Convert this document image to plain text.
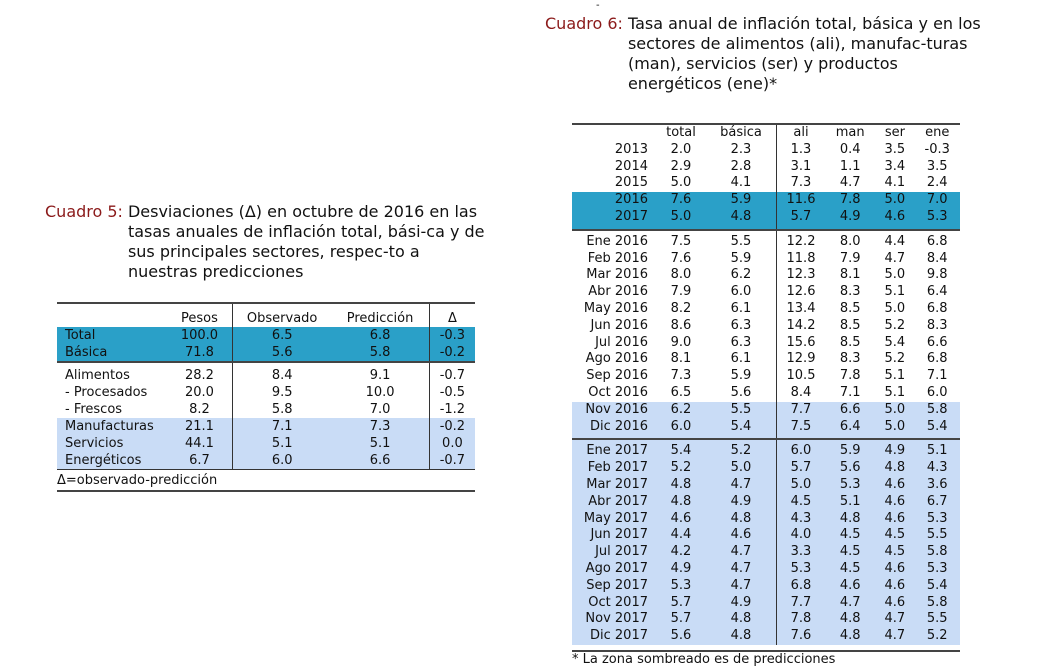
-
Cuadro 5: Desviaciones (Δ) en octubre de 2016 en las tasas anuales de inflación total, bási-ca y de sus principales sectores, respec-to a nuestras predicciones
	Pesos	Observado	Predicción	Δ
Total	100.0	6.5	6.8	-0.3
Básica	71.8	5.6	5.8	-0.2
Alimentos	28.2	8.4	9.1	-0.7
- Procesados	20.0	9.5	10.0	-0.5
- Frescos	8.2	5.8	7.0	-1.2
Manufacturas	21.1	7.1	7.3	-0.2
Servicios	44.1	5.1	5.1	0.0
Energéticos	6.7	6.0	6.6	-0.7
Δ=observado-predicción
Cuadro 6: Tasa anual de inflación total, básica y en los sectores de alimentos (ali), manufac-turas (man), servicios (ser) y productos energéticos (ene)*
	total	básica	ali	man	ser	ene
2013	2.0	2.3	1.3	0.4	3.5	-0.3
2014	2.9	2.8	3.1	1.1	3.4	3.5
2015	5.0	4.1	7.3	4.7	4.1	2.4
2016	7.6	5.9	11.6	7.8	5.0	7.0
2017	5.0	4.8	5.7	4.9	4.6	5.3
Ene 2016	7.5	5.5	12.2	8.0	4.4	6.8
Feb 2016	7.6	5.9	11.8	7.9	4.7	8.4
Mar 2016	8.0	6.2	12.3	8.1	5.0	9.8
Abr 2016	7.9	6.0	12.6	8.3	5.1	6.4
May 2016	8.2	6.1	13.4	8.5	5.0	6.8
Jun 2016	8.6	6.3	14.2	8.5	5.2	8.3
Jul 2016	9.0	6.3	15.6	8.5	5.4	6.6
Ago 2016	8.1	6.1	12.9	8.3	5.2	6.8
Sep 2016	7.3	5.9	10.5	7.8	5.1	7.1
Oct 2016	6.5	5.6	8.4	7.1	5.1	6.0
Nov 2016	6.2	5.5	7.7	6.6	5.0	5.8
Dic 2016	6.0	5.4	7.5	6.4	5.0	5.4
Ene 2017	5.4	5.2	6.0	5.9	4.9	5.1
Feb 2017	5.2	5.0	5.7	5.6	4.8	4.3
Mar 2017	4.8	4.7	5.0	5.3	4.6	3.6
Abr 2017	4.8	4.9	4.5	5.1	4.6	6.7
May 2017	4.6	4.8	4.3	4.8	4.6	5.3
Jun 2017	4.4	4.6	4.0	4.5	4.5	5.5
Jul 2017	4.2	4.7	3.3	4.5	4.5	5.8
Ago 2017	4.9	4.7	5.3	4.5	4.6	5.3
Sep 2017	5.3	4.7	6.8	4.6	4.6	5.4
Oct 2017	5.7	4.9	7.7	4.7	4.6	5.8
Nov 2017	5.7	4.8	7.8	4.8	4.7	5.5
Dic 2017	5.6	4.8	7.6	4.8	4.7	5.2
* La zona sombreado es de predicciones
